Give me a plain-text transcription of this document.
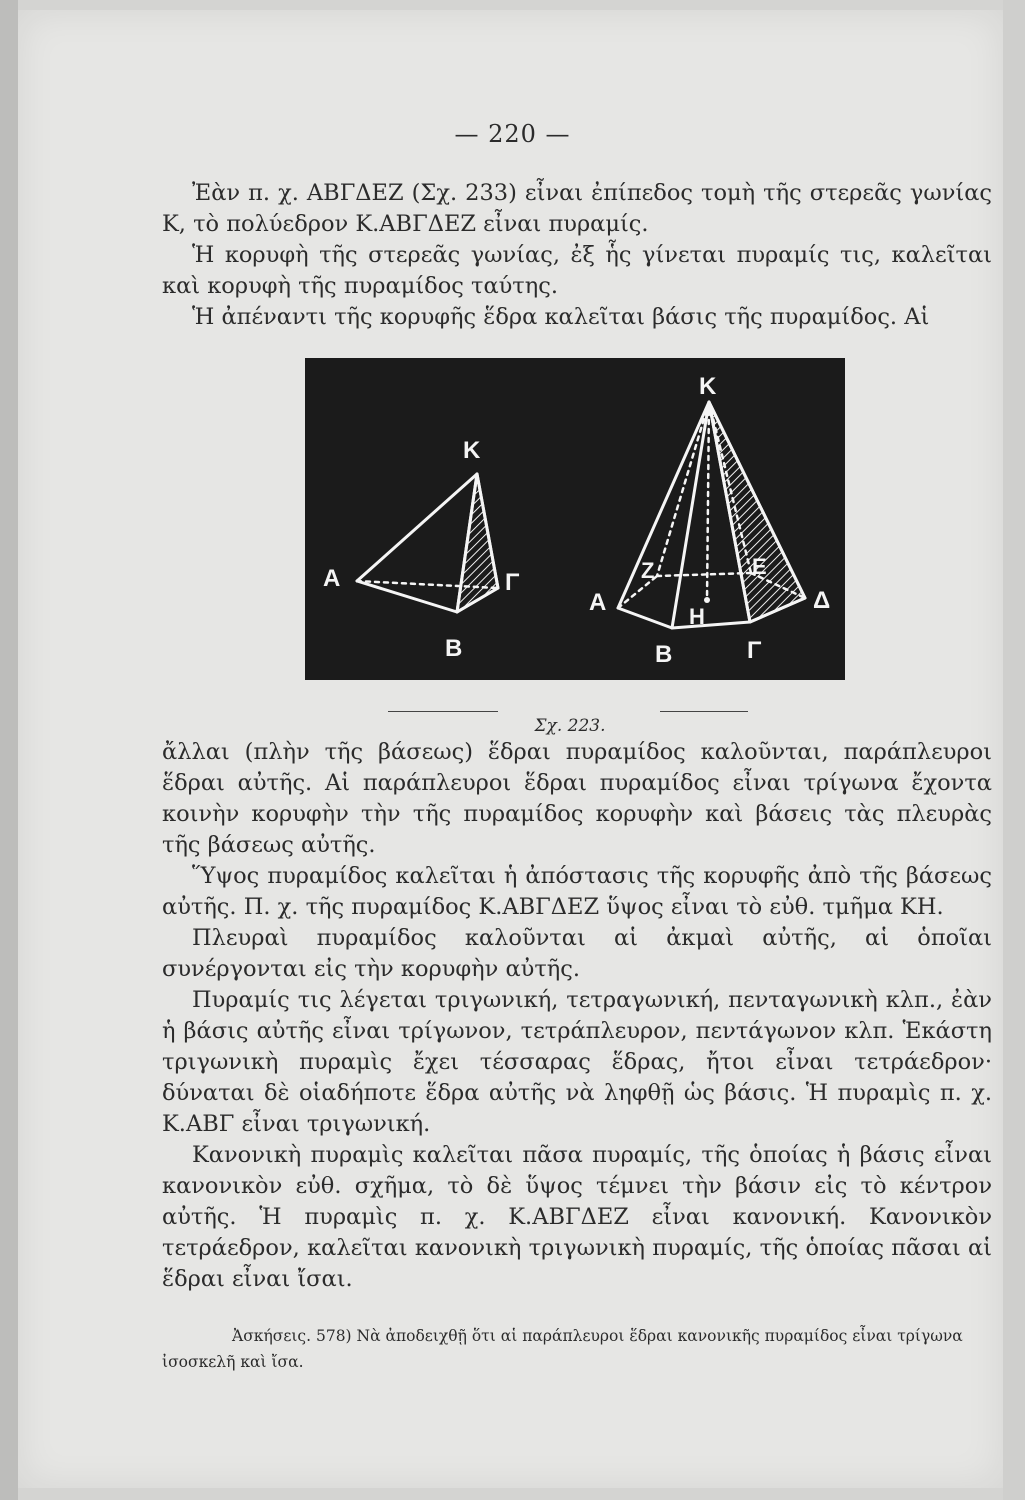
— 220 —

Ἐὰν π. χ. ΑΒΓΔΕΖ (Σχ. 233) εἶναι ἐπίπεδος τομὴ τῆς στερεᾶς γωνίας Κ, τὸ πολύεδρον Κ.ΑΒΓΔΕΖ εἶναι πυραμίς.

Ἡ κορυφὴ τῆς στερεᾶς γωνίας, ἐξ ἧς γίνεται πυραμίς τις, καλεῖται καὶ κορυφὴ τῆς πυραμίδος ταύτης.

Ἡ ἀπέναντι τῆς κορυφῆς ἕδρα καλεῖται βάσις τῆς πυραμίδος. Αἱ

Κ
Α	Γ
Β
Κ
Α
Ζ	Ε
Δ
Η
Β	Γ
Σχ. 223.

ἄλλαι (πλὴν τῆς βάσεως) ἕδραι πυραμίδος καλοῦνται, παράπλευροι ἕδραι αὐτῆς. Αἱ παράπλευροι ἕδραι πυραμίδος εἶναι τρίγωνα ἔχοντα κοινὴν κορυφὴν τὴν τῆς πυραμίδος κορυφὴν καὶ βάσεις τὰς πλευρὰς τῆς βάσεως αὐτῆς.

Ὕψος πυραμίδος καλεῖται ἡ ἀπόστασις τῆς κορυφῆς ἀπὸ τῆς βάσεως αὐτῆς. Π. χ. τῆς πυραμίδος Κ.ΑΒΓΔΕΖ ὕψος εἶναι τὸ εὐθ. τμῆμα ΚΗ.

Πλευραὶ πυραμίδος καλοῦνται αἱ ἀκμαὶ αὐτῆς, αἱ ὁποῖαι συνέργονται εἰς τὴν κορυφὴν αὐτῆς.

Πυραμίς τις λέγεται τριγωνική, τετραγωνική, πενταγωνικὴ κλπ., ἐὰν ἡ βάσις αὐτῆς εἶναι τρίγωνον, τετράπλευρον, πεντάγωνον κλπ. Ἑκάστη τριγωνικὴ πυραμὶς ἔχει τέσσαρας ἕδρας, ἤτοι εἶναι τετράεδρον· δύναται δὲ οἱαδήποτε ἕδρα αὐτῆς νὰ ληφθῇ ὡς βάσις. Ἡ πυραμὶς π. χ. Κ.ΑΒΓ εἶναι τριγωνική.

Κανονικὴ πυραμὶς καλεῖται πᾶσα πυραμίς, τῆς ὁποίας ἡ βάσις εἶναι κανονικὸν εὐθ. σχῆμα, τὸ δὲ ὕψος τέμνει τὴν βάσιν εἰς τὸ κέντρον αὐτῆς. Ἡ πυραμὶς π. χ. Κ.ΑΒΓΔΕΖ εἶναι κανονική. Κανονικὸν τετράεδρον, καλεῖται κανονικὴ τριγωνικὴ πυραμίς, τῆς ὁποίας πᾶσαι αἱ ἕδραι εἶναι ἴσαι.

Ἀσκήσεις. 578) Νὰ ἀποδειχθῇ ὅτι αἱ παράπλευροι ἕδραι κανονικῆς πυραμίδος εἶναι τρίγωνα ἰσοσκελῆ καὶ ἴσα.
